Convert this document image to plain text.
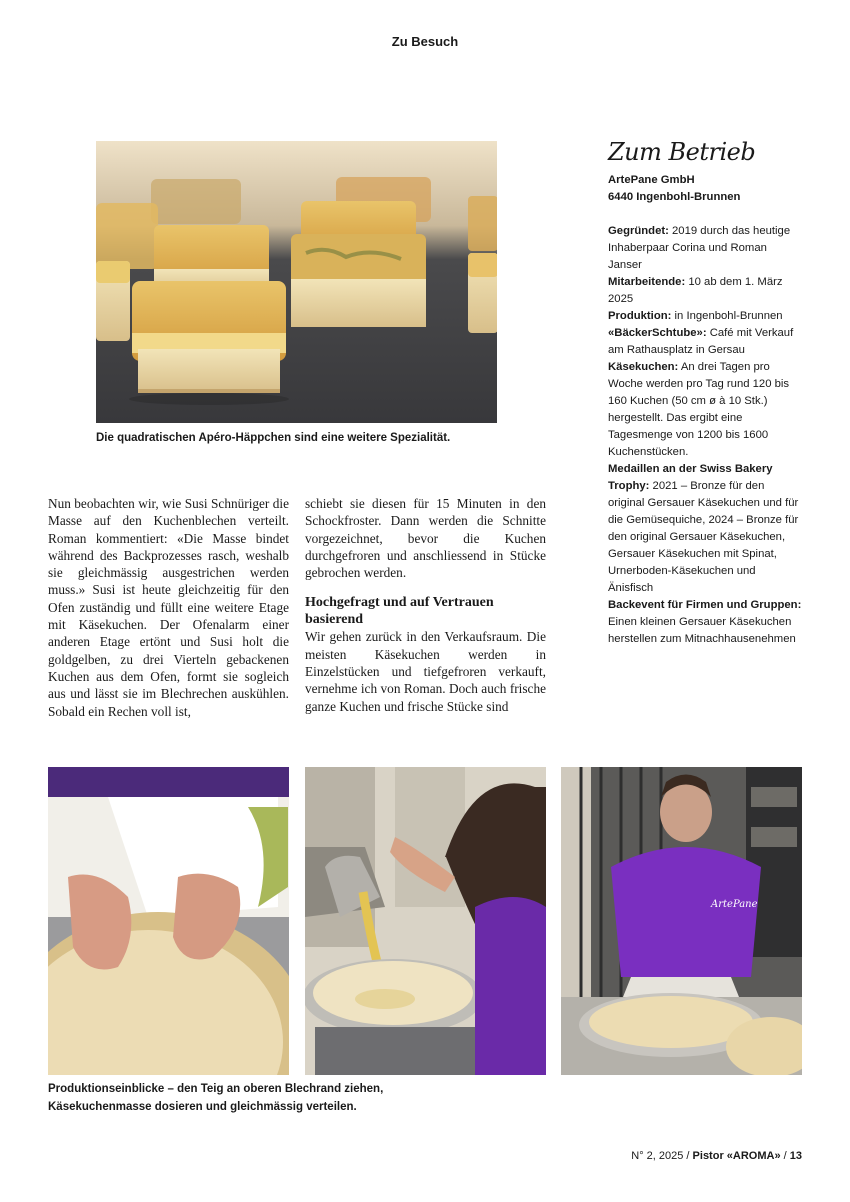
Zu Besuch
Die quadratischen Apéro-Häppchen sind eine weitere Spezialität.

Nun beobachten wir, wie Susi Schnüriger die Masse auf den Kuchenblechen verteilt. Roman kommentiert: «Die Masse bindet während des Backprozesses rasch, weshalb sie gleichmässig ausgestrichen werden muss.» Susi ist heute gleichzeitig für den Ofen zuständig und füllt eine weitere Etage mit Käsekuchen. Der Ofenalarm einer anderen Etage ertönt und Susi holt die goldgelben, zu drei Vierteln gebackenen Kuchen aus dem Ofen, formt sie sogleich aus und lässt sie im Blechrechen auskühlen. Sobald ein Rechen voll ist,

schiebt sie diesen für 15 Minuten in den Schockfroster. Dann werden die Schnitte vorgezeichnet, bevor die Kuchen durchgefroren und anschliessend in Stücke gebrochen werden.

Hochgefragt und auf Vertrauen basierend

Wir gehen zurück in den Verkaufsraum. Die meisten Käsekuchen werden in Einzelstücken und tiefgefroren verkauft, vernehme ich von Roman. Doch auch frische ganze Kuchen und frische Stücke sind

Zum Betrieb
ArtePane GmbH
6440 Ingenbohl-Brunnen
Gegründet: 2019 durch das heutige Inhaberpaar Corina und Roman Janser
Mitarbeitende: 10 ab dem 1. März 2025
Produktion: in Ingenbohl-Brunnen
«BäckerSchtube»: Café mit Verkauf am Rathausplatz in Gersau
Käsekuchen: An drei Tagen pro Woche werden pro Tag rund 120 bis 160 Kuchen (50 cm ø à 10 Stk.) hergestellt. Das ergibt eine Tagesmenge von 1200 bis 1600 Kuchenstücken.
Medaillen an der Swiss Bakery Trophy: 2021 – Bronze für den original Gersauer Käsekuchen und für die Gemüsequiche, 2024 – Bronze für den original Gersauer Käsekuchen, Gersauer Käsekuchen mit Spinat, Urnerboden-Käsekuchen und Änisfisch
Backevent für Firmen und Gruppen: Einen kleinen Gersauer Käsekuchen herstellen zum Mitnachhausenehmen
ArtePane
Produktionseinblicke – den Teig an oberen Blechrand ziehen,
Käsekuchenmasse dosieren und gleichmässig verteilen.
N° 2, 2025 / Pistor «AROMA» / 13
